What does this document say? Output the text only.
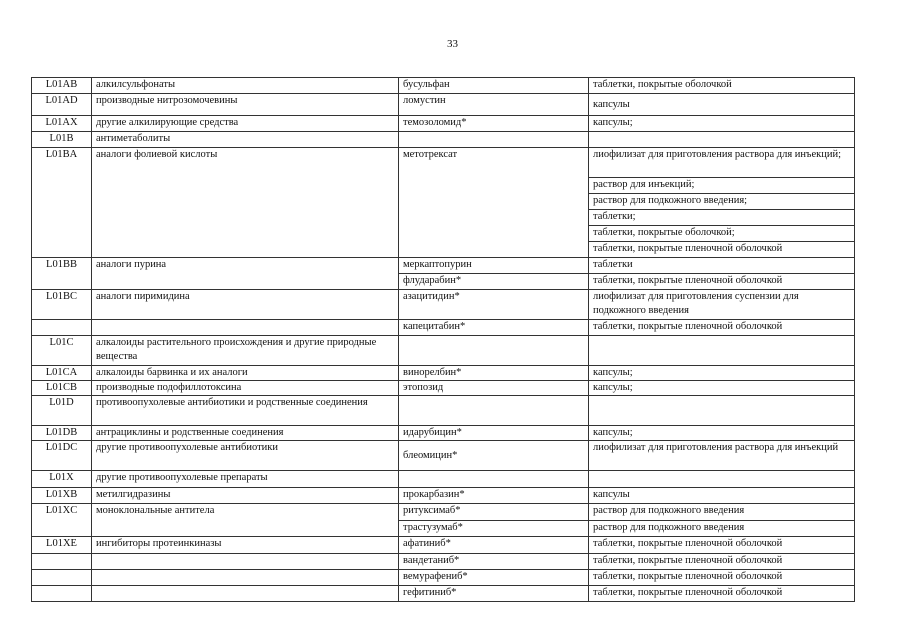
33
L01AB	алкилсульфонаты	бусульфан	таблетки, покрытые оболочкой
L01AD	производные нитрозомочевины	ломустин	капсулы
L01AX	другие алкилирующие средства	темозоломид*	капсулы;
L01B	антиметаболиты		
L01BA	аналоги фолиевой кислоты	метотрексат	лиофилизат для приготовления раствора для инъекций;
			раствор для инъекций;
			раствор для подкожного введения;
			таблетки;
			таблетки, покрытые оболочкой;
			таблетки, покрытые пленочной оболочкой
L01BB	аналоги пурина	меркаптопурин	таблетки
		флударабин*	таблетки, покрытые пленочной оболочкой
L01BC	аналоги пиримидина	азацитидин*	лиофилизат для приготовления суспензии для подкожного введения
		капецитабин*	таблетки, покрытые пленочной оболочкой
L01C	алкалоиды растительного происхождения и другие природные вещества		
L01CA	алкалоиды барвинка и их аналоги	винорелбин*	капсулы;
L01CB	производные подофиллотоксина	этопозид	капсулы;
L01D	противоопухолевые антибиотики и родственные соединения		
L01DB	антрациклины и родственные соединения	идарубицин*	капсулы;
L01DC	другие противоопухолевые антибиотики	блеомицин*	лиофилизат для приготовления раствора для инъекций
L01X	другие противоопухолевые препараты		
L01XB	метилгидразины	прокарбазин*	капсулы
L01XC	моноклональные антитела	ритуксимаб*	раствор для подкожного введения
		трастузумаб*	раствор для подкожного введения
L01XE	ингибиторы протеинкиназы	афатиниб*	таблетки, покрытые пленочной оболочкой
		вандетаниб*	таблетки, покрытые пленочной оболочкой
		вемурафениб*	таблетки, покрытые пленочной оболочкой
		гефитиниб*	таблетки, покрытые пленочной оболочкой
